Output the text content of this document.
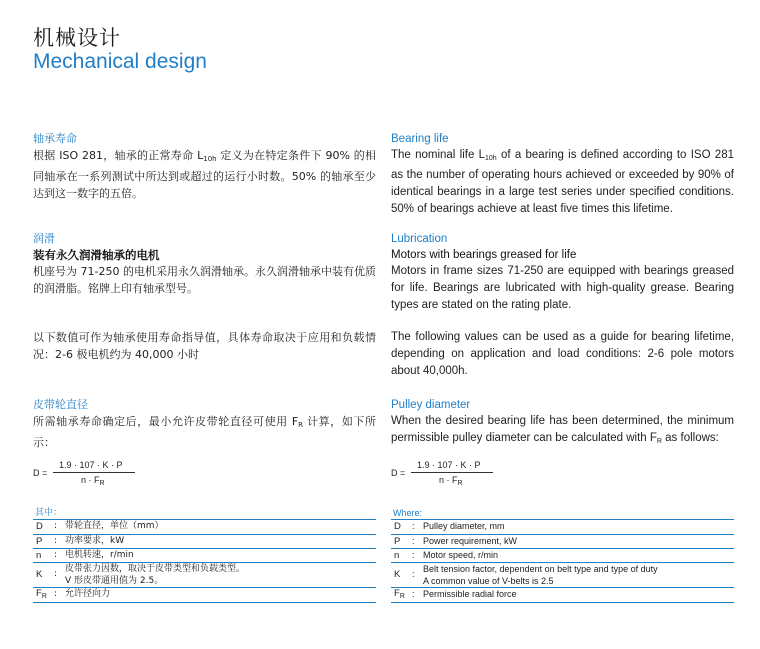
机械设计
Mechanical design
轴承寿命
根据 ISO 281，轴承的正常寿命 L10h 定义为在特定条件下 90% 的相同轴承在一系列测试中所达到或超过的运行小时数。50% 的轴承至少达到这一数字的五倍。
润滑
装有永久润滑轴承的电机
机座号为 71-250 的电机采用永久润滑轴承。永久润滑轴承中装有优质的润滑脂。铭牌上印有轴承型号。
以下数值可作为轴承使用寿命指导值，具体寿命取决于应用和负载情况：2-6 极电机约为 40,000 小时
皮带轮直径
所需轴承寿命确定后，最小允许皮带轮直径可使用 FR 计算，如下所示：
D =
1.9 · 107 · K · P
$n \cdot F_R$
其中：
D	:	带轮直径，单位（mm）
P	:	功率要求，kW
n	:	电机转速，r/min
K	:	皮带张力因数，取决于皮带类型和负载类型。
V 形皮带通用值为 2.5。

$F_R$	:	允许径向力
Bearing life
The nominal life L10h of a bearing is defined according to ISO 281 as the number of operating hours achieved or exceeded by 90% of identical bearings in a large test series under specified conditions. 50% of bearings achieve at least five times this lifetime.
Lubrication
Motors with bearings greased for life
Motors in frame sizes 71-250 are equipped with bearings greased for life. Bearings are lubricated with high-quality grease. Bearing types are stated on the rating plate.
The following values can be used as a guide for bearing lifetime, depending on application and load conditions: 2-6 pole motors about 40,000h.
Pulley diameter
When the desired bearing life has been determined, the minimum permissible pulley diameter can be calculated with FR as follows:
D =
1.9 · 107 · K · P
$n \cdot F_R$
Where:
D	:	Pulley diameter, mm
P	:	Power requirement, kW
n	:	Motor speed, r/min
K	:	Belt tension factor, dependent on belt type and type of duty
A common value of V-belts is 2.5

$F_R$	:	Permissible radial force
